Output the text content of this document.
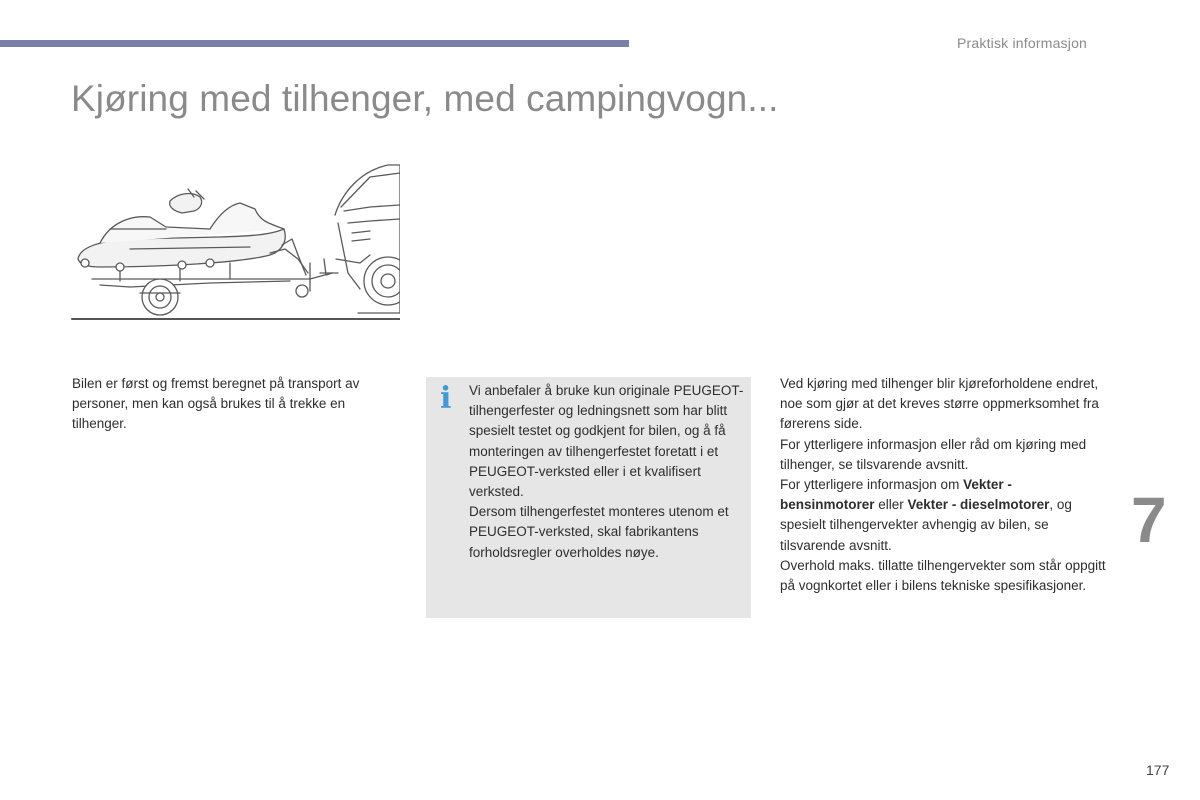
Praktisk informasjon
Kjøring med tilhenger, med campingvogn...

Bilen er først og fremst beregnet på transport av personer, men kan også brukes til å trekke en tilhenger.

i Vi anbefaler å bruke kun originale PEUGEOT-tilhengerfester og ledningsnett som har blitt spesielt testet og godkjent for bilen, og å få monteringen av tilhengerfestet foretatt i et PEUGEOT-verksted eller i et kvalifisert verksted.

Dersom tilhengerfestet monteres utenom et PEUGEOT-verksted, skal fabrikantens forholdsregler overholdes nøye.

Ved kjøring med tilhenger blir kjøreforholdene endret, noe som gjør at det kreves større oppmerksomhet fra førerens side.

For ytterligere informasjon eller råd om kjøring med tilhenger, se tilsvarende avsnitt.

For ytterligere informasjon om Vekter - bensinmotorer eller Vekter - dieselmotorer, og spesielt tilhengervekter avhengig av bilen, se tilsvarende avsnitt.

Overhold maks. tillatte tilhengervekter som står oppgitt på vognkortet eller i bilens tekniske spesifikasjoner.

7
177
